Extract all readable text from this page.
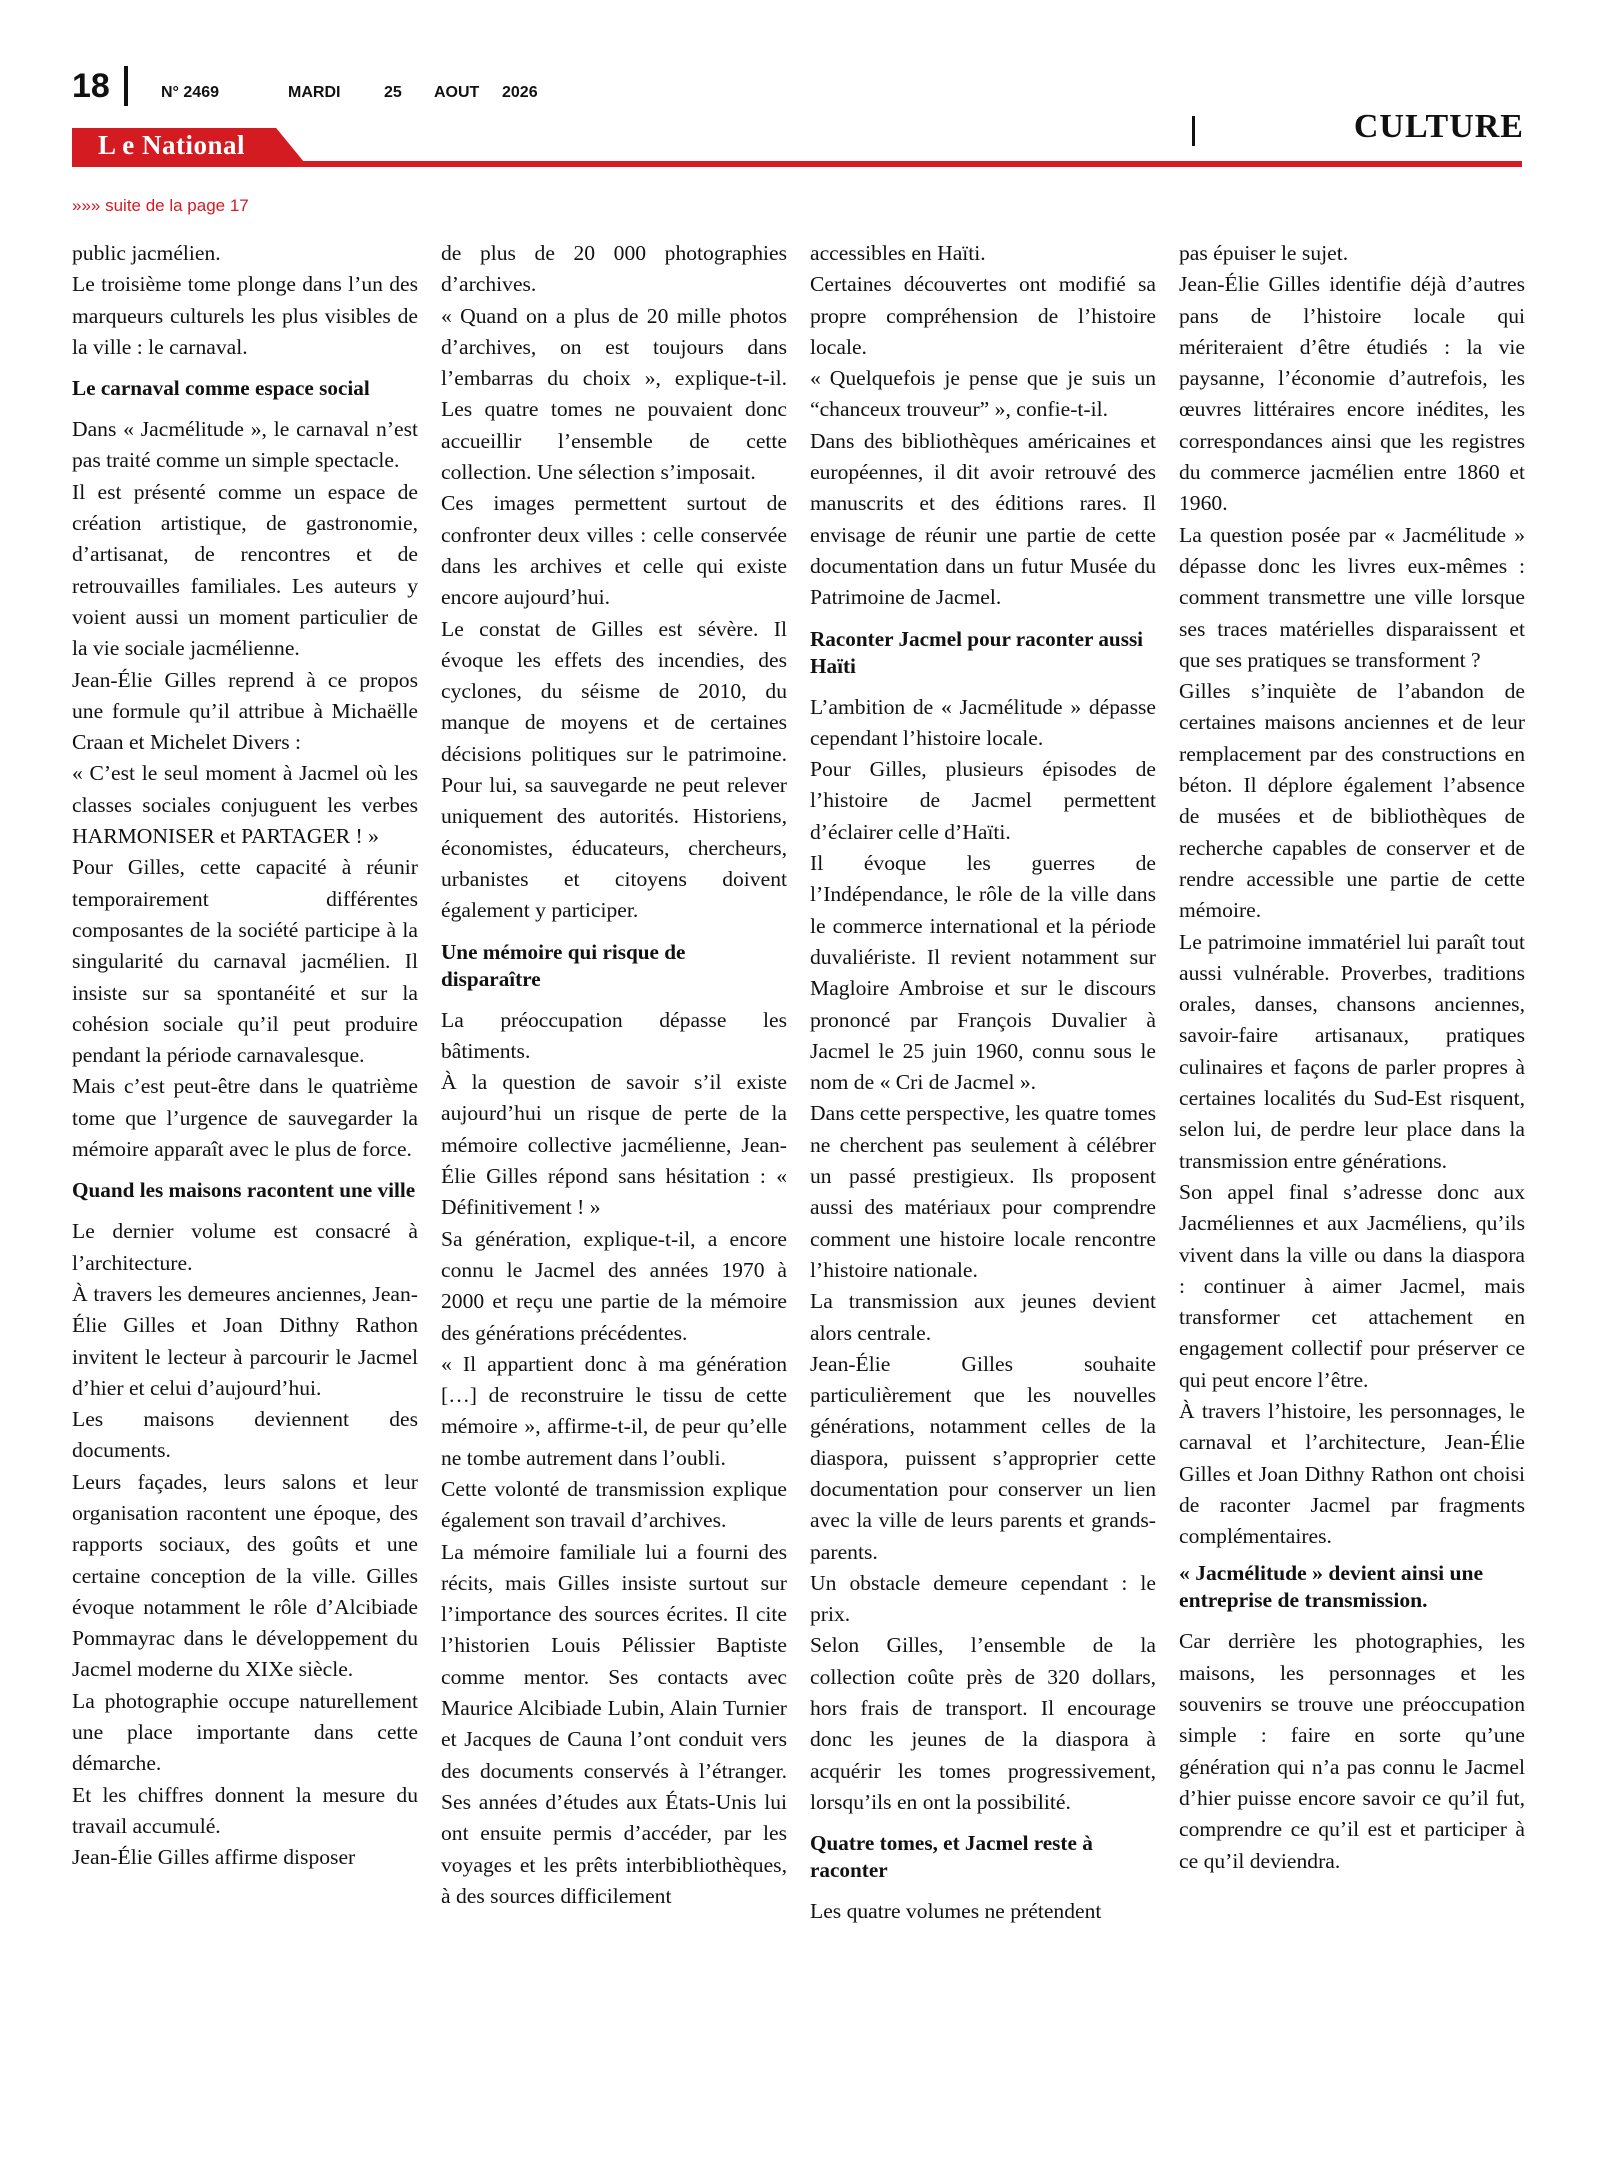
18	N° 2469	MARDI	25 AOUT 2026
CULTURE
L e National
»»» suite de la page 17

public jacmélien.

Le troisième tome plonge dans l’un des marqueurs culturels les plus visibles de la ville : le carnaval.

Le carnaval comme espace social

Dans « Jacmélitude », le carnaval n’est pas traité comme un simple spectacle.

Il est présenté comme un espace de création artistique, de gastronomie, d’artisanat, de rencontres et de retrouvailles familiales. Les auteurs y voient aussi un moment particulier de la vie sociale jacmélienne.

Jean-Élie Gilles reprend à ce propos une formule qu’il attribue à Michaëlle Craan et Michelet Divers :

« C’est le seul moment à Jacmel où les classes sociales conjuguent les verbes HARMONISER et PARTAGER ! »

Pour Gilles, cette capacité à réunir temporairement différentes composantes de la société participe à la singularité du carnaval jacmélien. Il insiste sur sa spontanéité et sur la cohésion sociale qu’il peut produire pendant la période carnavalesque.

Mais c’est peut-être dans le quatrième tome que l’urgence de sauvegarder la mémoire apparaît avec le plus de force.

Quand les maisons racontent une ville

Le dernier volume est consacré à l’architecture.

À travers les demeures anciennes, Jean-Élie Gilles et Joan Dithny Rathon invitent le lecteur à parcourir le Jacmel d’hier et celui d’aujourd’hui.

Les maisons deviennent des documents.

Leurs façades, leurs salons et leur organisation racontent une époque, des rapports sociaux, des goûts et une certaine conception de la ville. Gilles évoque notamment le rôle d’Alcibiade Pommayrac dans le développement du Jacmel moderne du XIXe siècle.

La photographie occupe naturellement une place importante dans cette démarche.

Et les chiffres donnent la mesure du travail accumulé.

Jean-Élie Gilles affirme disposer

de plus de 20 000 photographies d’archives.

« Quand on a plus de 20 mille photos d’archives, on est toujours dans l’embarras du choix », explique-t-il. Les quatre tomes ne pouvaient donc accueillir l’ensemble de cette collection. Une sélection s’imposait.

Ces images permettent surtout de confronter deux villes : celle conservée dans les archives et celle qui existe encore aujourd’hui.

Le constat de Gilles est sévère. Il évoque les effets des incendies, des cyclones, du séisme de 2010, du manque de moyens et de certaines décisions politiques sur le patrimoine. Pour lui, sa sauvegarde ne peut relever uniquement des autorités. Historiens, économistes, éducateurs, chercheurs, urbanistes et citoyens doivent également y participer.

Une mémoire qui risque de disparaître

La préoccupation dépasse les bâtiments.

À la question de savoir s’il existe aujourd’hui un risque de perte de la mémoire collective jacmélienne, Jean-Élie Gilles répond sans hésitation : « Définitivement ! »

Sa génération, explique-t-il, a encore connu le Jacmel des années 1970 à 2000 et reçu une partie de la mémoire des générations précédentes.

« Il appartient donc à ma génération […] de reconstruire le tissu de cette mémoire », affirme-t-il, de peur qu’elle ne tombe autrement dans l’oubli.

Cette volonté de transmission explique également son travail d’archives.

La mémoire familiale lui a fourni des récits, mais Gilles insiste surtout sur l’importance des sources écrites. Il cite l’historien Louis Pélissier Baptiste comme mentor. Ses contacts avec Maurice Alcibiade Lubin, Alain Turnier et Jacques de Cauna l’ont conduit vers des documents conservés à l’étranger. Ses années d’études aux États-Unis lui ont ensuite permis d’accéder, par les voyages et les prêts interbibliothèques, à des sources difficilement

accessibles en Haïti.

Certaines découvertes ont modifié sa propre compréhension de l’histoire locale.

« Quelquefois je pense que je suis un “chanceux trouveur” », confie-t-il.

Dans des bibliothèques américaines et européennes, il dit avoir retrouvé des manuscrits et des éditions rares. Il envisage de réunir une partie de cette documentation dans un futur Musée du Patrimoine de Jacmel.

Raconter Jacmel pour raconter aussi Haïti

L’ambition de « Jacmélitude » dépasse cependant l’histoire locale.

Pour Gilles, plusieurs épisodes de l’histoire de Jacmel permettent d’éclairer celle d’Haïti.

Il évoque les guerres de l’Indépendance, le rôle de la ville dans le commerce international et la période duvaliériste. Il revient notamment sur Magloire Ambroise et sur le discours prononcé par François Duvalier à Jacmel le 25 juin 1960, connu sous le nom de « Cri de Jacmel ».

Dans cette perspective, les quatre tomes ne cherchent pas seulement à célébrer un passé prestigieux. Ils proposent aussi des matériaux pour comprendre comment une histoire locale rencontre l’histoire nationale.

La transmission aux jeunes devient alors centrale.

Jean-Élie Gilles souhaite particulièrement que les nouvelles générations, notamment celles de la diaspora, puissent s’approprier cette documentation pour conserver un lien avec la ville de leurs parents et grands-parents.

Un obstacle demeure cependant : le prix.

Selon Gilles, l’ensemble de la collection coûte près de 320 dollars, hors frais de transport. Il encourage donc les jeunes de la diaspora à acquérir les tomes progressivement, lorsqu’ils en ont la possibilité.

Quatre tomes, et Jacmel reste à raconter

Les quatre volumes ne prétendent

pas épuiser le sujet.

Jean-Élie Gilles identifie déjà d’autres pans de l’histoire locale qui mériteraient d’être étudiés : la vie paysanne, l’économie d’autrefois, les œuvres littéraires encore inédites, les correspondances ainsi que les registres du commerce jacmélien entre 1860 et 1960.

La question posée par « Jacmélitude » dépasse donc les livres eux-mêmes : comment transmettre une ville lorsque ses traces matérielles disparaissent et que ses pratiques se transforment ?

Gilles s’inquiète de l’abandon de certaines maisons anciennes et de leur remplacement par des constructions en béton. Il déplore également l’absence de musées et de bibliothèques de recherche capables de conserver et de rendre accessible une partie de cette mémoire.

Le patrimoine immatériel lui paraît tout aussi vulnérable. Proverbes, traditions orales, danses, chansons anciennes, savoir-faire artisanaux, pratiques culinaires et façons de parler propres à certaines localités du Sud-Est risquent, selon lui, de perdre leur place dans la transmission entre générations.

Son appel final s’adresse donc aux Jacméliennes et aux Jacméliens, qu’ils vivent dans la ville ou dans la diaspora : continuer à aimer Jacmel, mais transformer cet attachement en engagement collectif pour préserver ce qui peut encore l’être.

À travers l’histoire, les personnages, le carnaval et l’architecture, Jean-Élie Gilles et Joan Dithny Rathon ont choisi de raconter Jacmel par fragments complémentaires.

« Jacmélitude » devient ainsi une entreprise de transmission.

Car derrière les photographies, les maisons, les personnages et les souvenirs se trouve une préoccupation simple : faire en sorte qu’une génération qui n’a pas connu le Jacmel d’hier puisse encore savoir ce qu’il fut, comprendre ce qu’il est et participer à ce qu’il deviendra.
